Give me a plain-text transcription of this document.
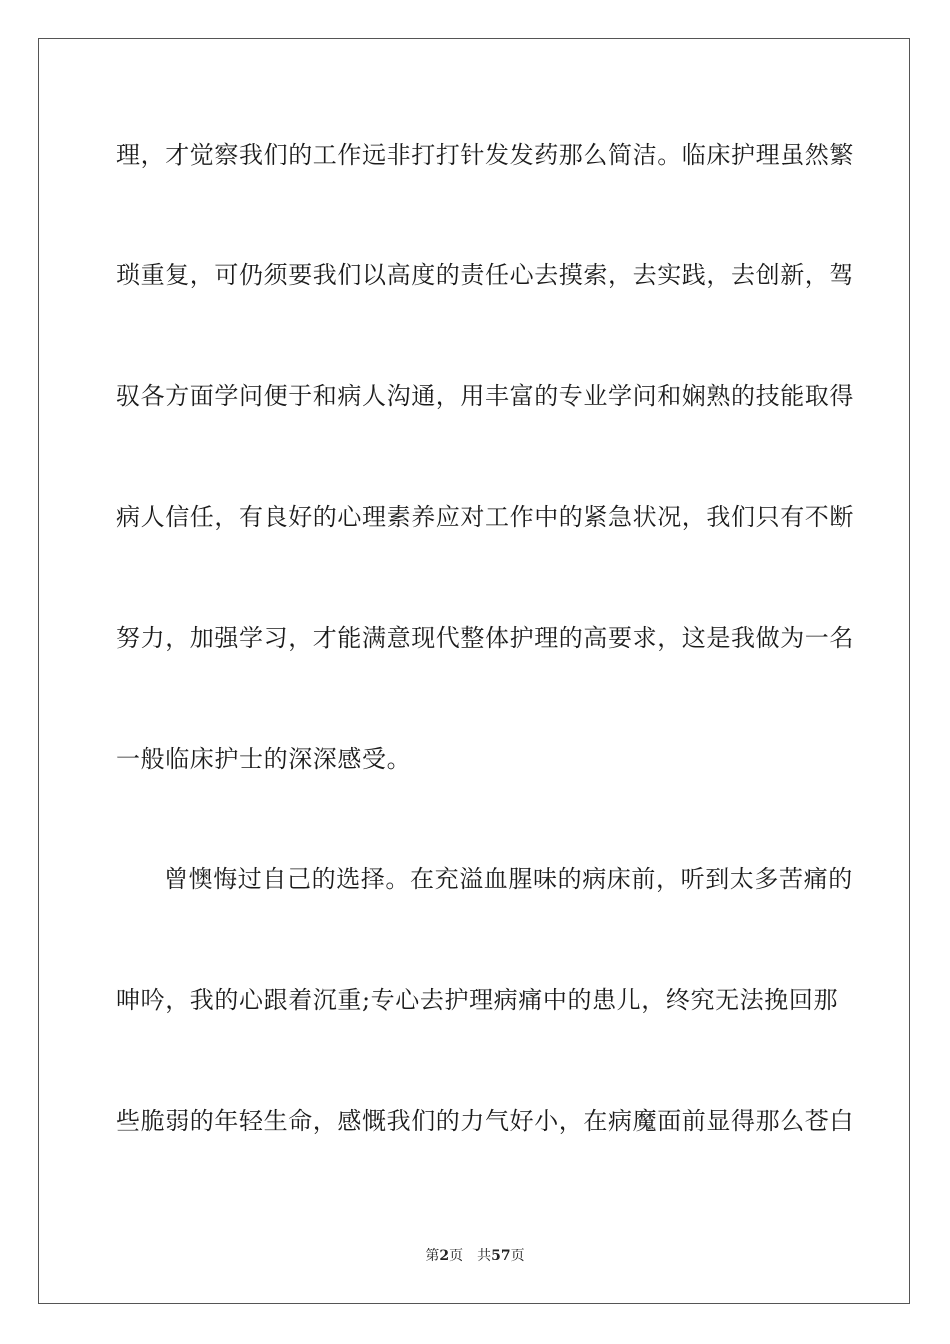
理，才觉察我们的工作远非打打针发发药那么简洁。临床护理虽然繁
琐重复，可仍须要我们以高度的责任心去摸索，去实践，去创新，驾
驭各方面学问便于和病人沟通，用丰富的专业学问和娴熟的技能取得
病人信任，有良好的心理素养应对工作中的紧急状况，我们只有不断
努力，加强学习，才能满意现代整体护理的高要求，这是我做为一名
一般临床护士的深深感受。
曾懊悔过自己的选择。在充溢血腥味的病床前，听到太多苦痛的
呻吟，我的心跟着沉重;专心去护理病痛中的患儿，终究无法挽回那
些脆弱的年轻生命，感慨我们的力气好小，在病魔面前显得那么苍白
第2页 共57页
